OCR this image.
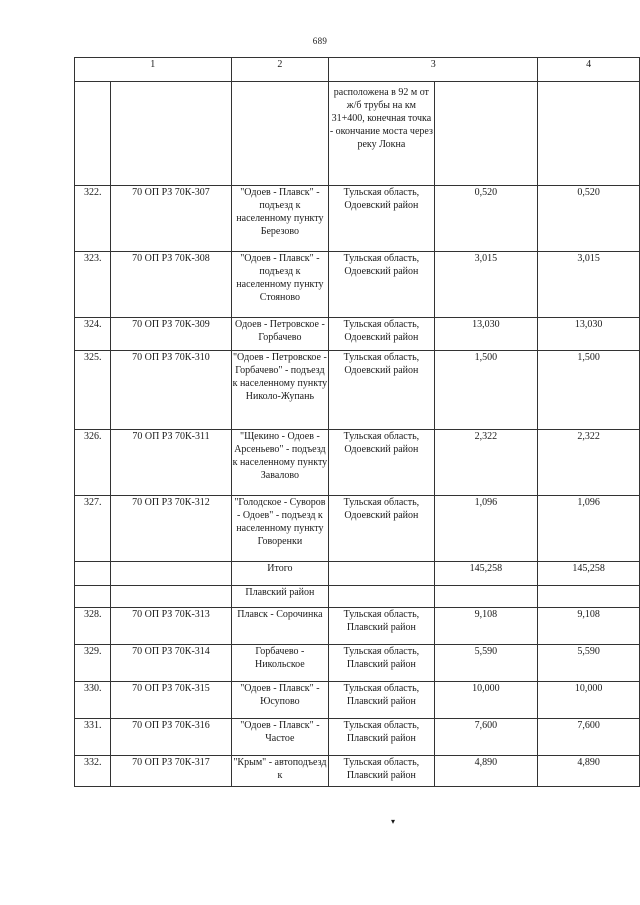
689
1		2	3		4
			расположена в 92 м от ж/б трубы на км 31+400, конечная точка - окончание моста через реку Локна		
322.	70 ОП РЗ 70К-307	"Одоев - Плавск" - подъезд к населенному пункту Березово	Тульская область, Одоевский район	0,520	0,520
323.	70 ОП РЗ 70К-308	"Одоев - Плавск" - подъезд к населенному пункту Стояново	Тульская область, Одоевский район	3,015	3,015
324.	70 ОП РЗ 70К-309	Одоев - Петровское - Горбачево	Тульская область, Одоевский район	13,030	13,030
325.	70 ОП РЗ 70К-310	"Одоев - Петровское - Горбачево" - подъезд к населенному пункту Николо-Жупань	Тульская область, Одоевский район	1,500	1,500
326.	70 ОП РЗ 70К-311	"Щекино - Одоев - Арсеньево" - подъезд к населенному пункту Завалово	Тульская область, Одоевский район	2,322	2,322
327.	70 ОП РЗ 70К-312	"Голодское - Суворов - Одоев" - подъезд к населенному пункту Говоренки	Тульская область, Одоевский район	1,096	1,096
		Итого		145,258	145,258
		Плавский район			
328.	70 ОП РЗ 70К-313	Плавск - Сорочинка	Тульская область, Плавский район	9,108	9,108
329.	70 ОП РЗ 70К-314	Горбачево - Никольское	Тульская область, Плавский район	5,590	5,590
330.	70 ОП РЗ 70К-315	"Одоев - Плавск" - Юсупово	Тульская область, Плавский район	10,000	10,000
331.	70 ОП РЗ 70К-316	"Одоев - Плавск" - Частое	Тульская область, Плавский район	7,600	7,600
332.	70 ОП РЗ 70К-317	"Крым" - автоподъезд к	Тульская область, Плавский район	4,890	4,890
▾
